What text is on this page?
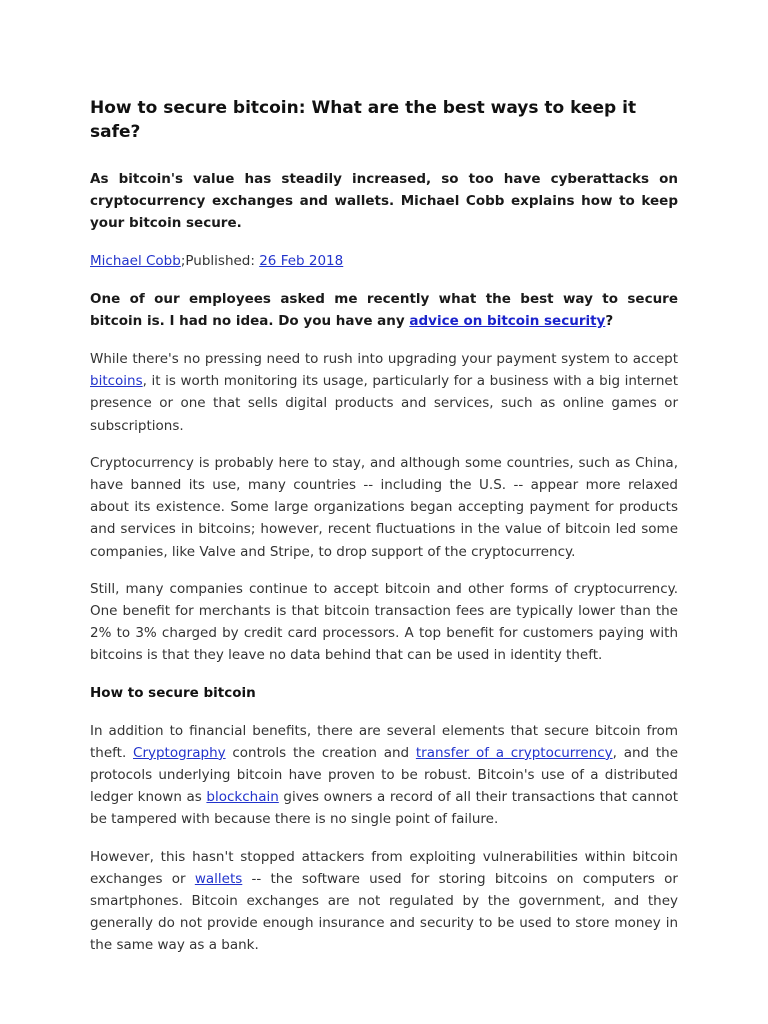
How to secure bitcoin: What are the best ways to keep it safe?

As bitcoin's value has steadily increased, so too have cyberattacks on cryptocurrency exchanges and wallets. Michael Cobb explains how to keep your bitcoin secure.

Michael Cobb;Published: 26 Feb 2018

One of our employees asked me recently what the best way to secure bitcoin is. I had no idea. Do you have any advice on bitcoin security?

While there's no pressing need to rush into upgrading your payment system to accept bitcoins, it is worth monitoring its usage, particularly for a business with a big internet presence or one that sells digital products and services, such as online games or subscriptions.

Cryptocurrency is probably here to stay, and although some countries, such as China, have banned its use, many countries -- including the U.S. -- appear more relaxed about its existence. Some large organizations began accepting payment for products and services in bitcoins; however, recent fluctuations in the value of bitcoin led some companies, like Valve and Stripe, to drop support of the cryptocurrency.

Still, many companies continue to accept bitcoin and other forms of cryptocurrency. One benefit for merchants is that bitcoin transaction fees are typically lower than the 2% to 3% charged by credit card processors. A top benefit for customers paying with bitcoins is that they leave no data behind that can be used in identity theft.

How to secure bitcoin

In addition to financial benefits, there are several elements that secure bitcoin from theft. Cryptography controls the creation and transfer of a cryptocurrency, and the protocols underlying bitcoin have proven to be robust. Bitcoin's use of a distributed ledger known as blockchain gives owners a record of all their transactions that cannot be tampered with because there is no single point of failure.

However, this hasn't stopped attackers from exploiting vulnerabilities within bitcoin exchanges or wallets -- the software used for storing bitcoins on computers or smartphones. Bitcoin exchanges are not regulated by the government, and they generally do not provide enough insurance and security to be used to store money in the same way as a bank.
